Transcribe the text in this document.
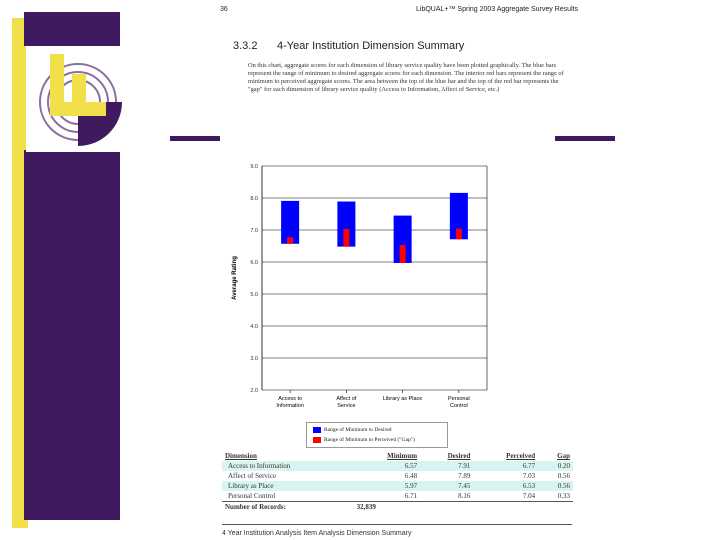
36	LibQUAL+™ Spring 2003 Aggregate Survey Results
3.3.2 4-Year Institution Dimension Summary
On this chart, aggregate scores for each dimension of library service quality have been plotted graphically. The blue bars represent the range of minimum to desired aggregate scores for each dimension. The interior red bars represent the range of minimum to perceived aggregate scores. The area between the top of the blue bar and the top of the red bar represents the "gap" for each dimension of library service quality (Access to Information, Affect of Service, etc.)
2.0
3.0
4.0
5.0
6.0
7.0
8.0
9.0
Average Rating
Access to
Information
Affect of
Service
Library as Place	Personal
Control
Range of Minimum to Desired
Range of Minimum to Perceived ("Gap")
Dimension	Minimum	Desired	Perceived	Gap
Access to Information	6.57	7.91	6.77	0.20
Affect of Service	6.48	7.89	7.03	0.56
Library as Place	5.97	7.45	6.53	0.56
Personal Control	6.71	8.16	7.04	0.33
Number of Records:	32,839			
4 Year Institution Analysis Item Analysis Dimension Summary
